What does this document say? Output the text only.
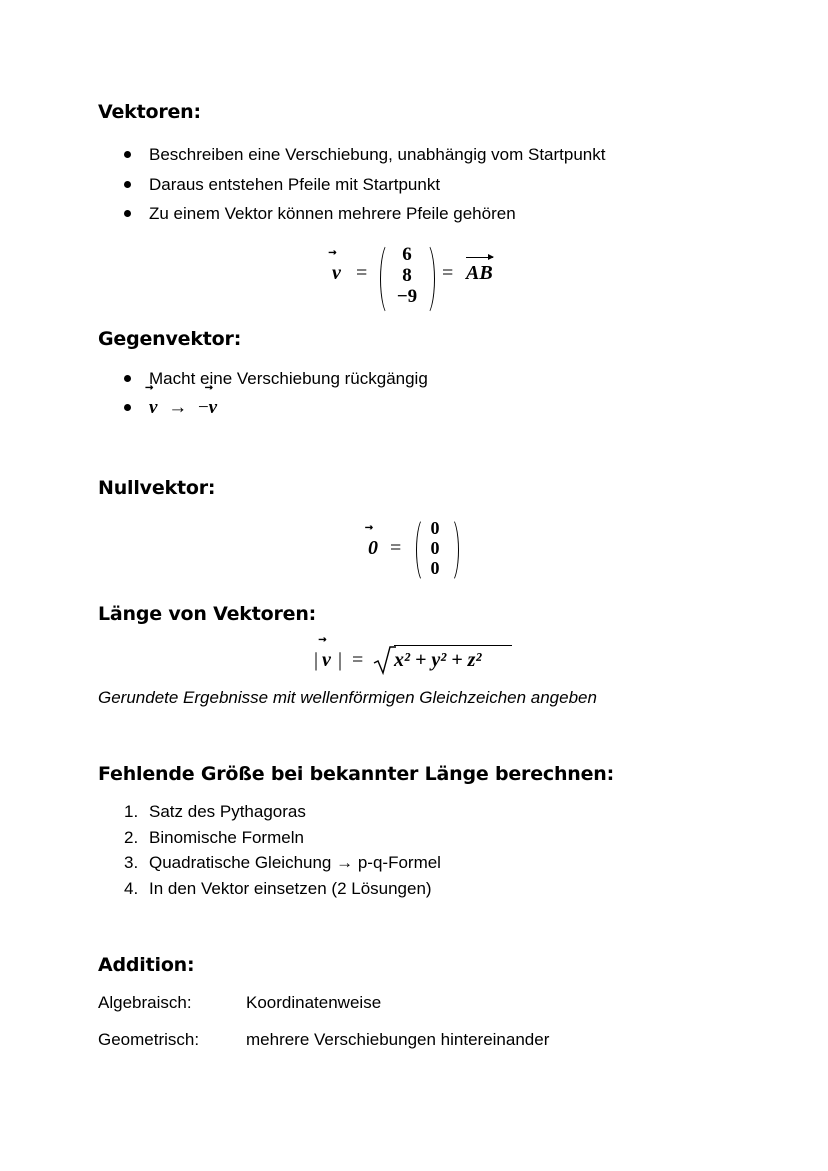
Vektoren:
Beschreiben eine Verschiebung, unabhängig vom Startpunkt
Daraus entstehen Pfeile mit Startpunkt
Zu einem Vektor können mehrere Pfeile gehören
⃗ v =
6
8
−9
= AB
Gegenvektor:
Macht eine Verschiebung rückgängig
⃗ v → −⃗ v
Nullvektor:
⃗ 0 =
0
0
0
Länge von Vektoren:
|
⃗ v | = x² + y² + z²
Gerundete Ergebnisse mit wellenförmigen Gleichzeichen angeben
Fehlende Größe bei bekannter Länge berechnen:
1. Satz des Pythagoras
2. Binomische Formeln
3. Quadratische Gleichung → p-q-Formel
4. In den Vektor einsetzen (2 Lösungen)
Addition:
Algebraisch:	Koordinatenweise
Geometrisch:	mehrere Verschiebungen hintereinander
